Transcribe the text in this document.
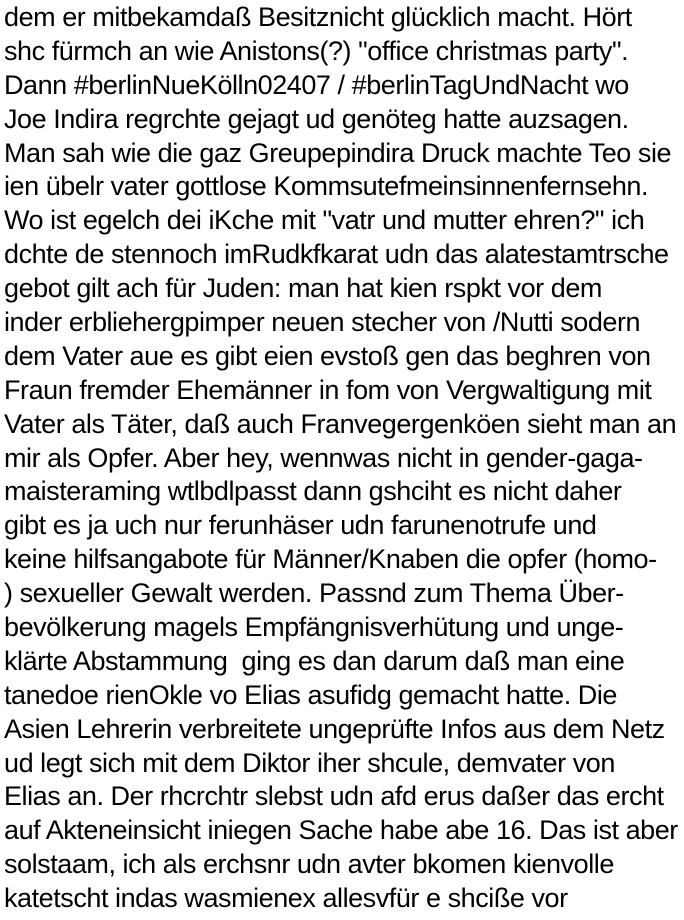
dem er mitbekamdaß Besitznicht glücklich macht. Hört
shc fürmch an wie Anistons(?) "office christmas party".
Dann #berlinNueKölln02407 / #berlinTagUndNacht wo
Joe Indira regrchte gejagt ud genöteg hatte auzsagen.
Man sah wie die gaz Greupepindira Druck machte Teo sie
ien übelr vater gottlose Kommsutefmeinsinnenfernsehn.
Wo ist egelch dei iKche mit "vatr und mutter ehren?" ich
dchte de stennoch imRudkfkarat udn das alatestamtrsche
gebot gilt ach für Juden: man hat kien rspkt vor dem
inder erbliehergpimper neuen stecher von /Nutti sodern
dem Vater aue es gibt eien evstoß gen das beghren von
Fraun fremder Ehemänner in fom von Vergwaltigung mit
Vater als Täter, daß auch Franvegergenköen sieht man an
mir als Opfer. Aber hey, wennwas nicht in gender-gaga-
maisteraming wtlbdlpasst dann gshciht es nicht daher
gibt es ja uch nur ferunhäser udn farunenotrufe und
keine hilfsangabote für Männer/Knaben die opfer (homo-
) sexueller Gewalt werden. Passnd zum Thema Über-
bevölkerung magels Empfängnisverhütung und unge-
klärte Abstammung  ging es dan darum daß man eine
tanedoe rienOkle vo Elias asufidg gemacht hatte. Die
Asien Lehrerin verbreitete ungeprüfte Infos aus dem Netz
ud legt sich mit dem Diktor iher shcule, demvater von
Elias an. Der rhcrchtr slebst udn afd erus daßer das ercht
auf Akteneinsicht iniegen Sache habe abe 16. Das ist aber
solstaam, ich als erchsnr udn avter bkomen kienvolle
katetscht indas wasmienex allesvfür e shciße vor
